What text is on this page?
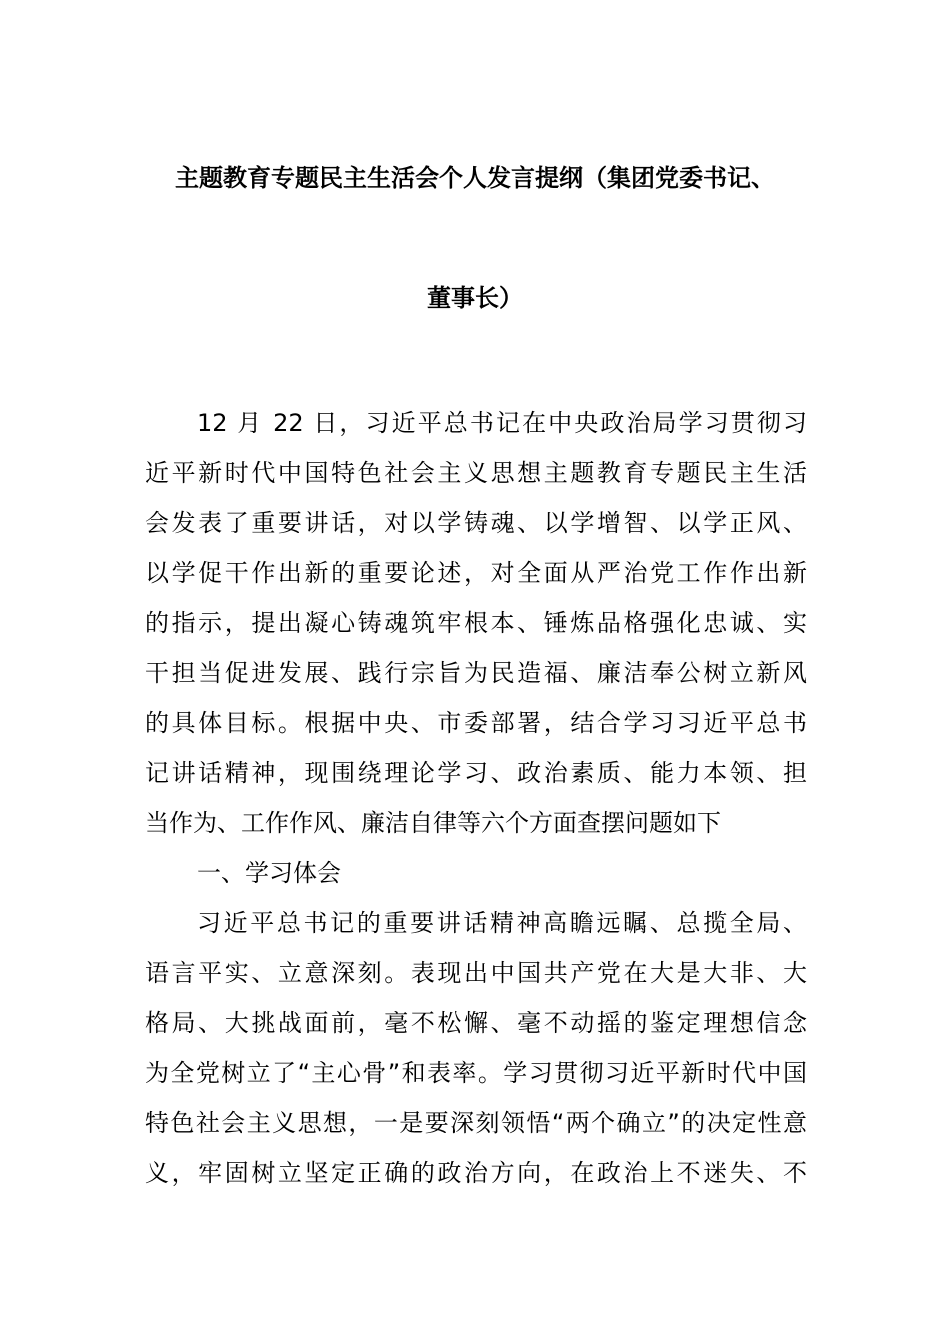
主题教育专题民主生活会个人发言提纲（集团党委书记、
董事长）
12 月 22 日，习近平总书记在中央政治局学习贯彻习
近平新时代中国特色社会主义思想主题教育专题民主生活
会发表了重要讲话，对以学铸魂、以学增智、以学正风、
以学促干作出新的重要论述，对全面从严治党工作作出新
的指示，提出凝心铸魂筑牢根本、锤炼品格强化忠诚、实
干担当促进发展、践行宗旨为民造福、廉洁奉公树立新风
的具体目标。根据中央、市委部署，结合学习习近平总书
记讲话精神，现围绕理论学习、政治素质、能力本领、担
当作为、工作作风、廉洁自律等六个方面查摆问题如下
一、学习体会
习近平总书记的重要讲话精神高瞻远瞩、总揽全局、
语言平实、立意深刻。表现出中国共产党在大是大非、大
格局、大挑战面前，毫不松懈、毫不动摇的鉴定理想信念
为全党树立了“主心骨”和表率。学习贯彻习近平新时代中国
特色社会主义思想，一是要深刻领悟“两个确立”的决定性意
义，牢固树立坚定正确的政治方向，在政治上不迷失、不
